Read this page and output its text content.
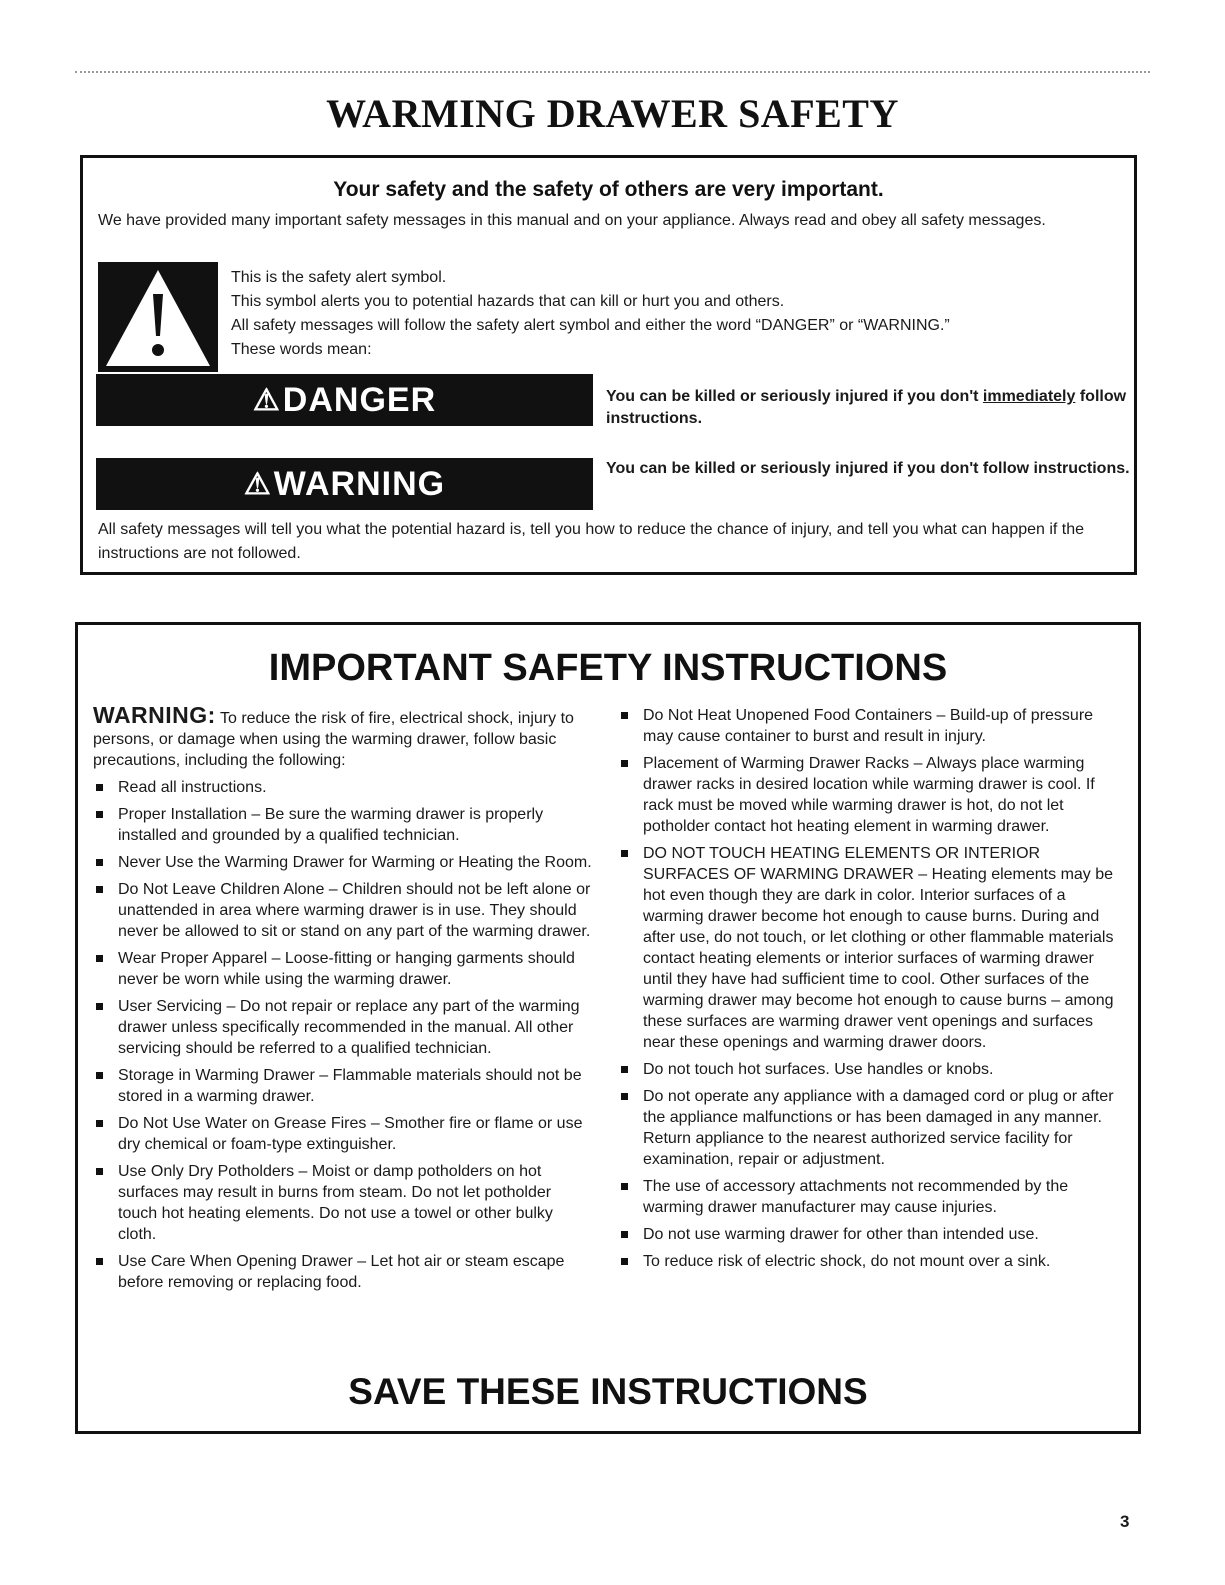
WARMING DRAWER SAFETY
Your safety and the safety of others are very important.
We have provided many important safety messages in this manual and on your appliance. Always read and obey all safety messages.
This is the safety alert symbol.
This symbol alerts you to potential hazards that can kill or hurt you and others.
All safety messages will follow the safety alert symbol and either the word “DANGER” or “WARNING.”
These words mean:
⚠ DANGER	You can be killed or seriously injured if you don't immediately follow instructions.
⚠ WARNING	You can be killed or seriously injured if you don't follow instructions.
All safety messages will tell you what the potential hazard is, tell you how to reduce the chance of injury, and tell you what can happen if the instructions are not followed.
IMPORTANT SAFETY INSTRUCTIONS
WARNING: To reduce the risk of fire, electrical shock, injury to persons, or damage when using the warming drawer, follow basic precautions, including the following:
Read all instructions.
Proper Installation – Be sure the warming drawer is properly installed and grounded by a qualified technician.
Never Use the Warming Drawer for Warming or Heating the Room.
Do Not Leave Children Alone – Children should not be left alone or unattended in area where warming drawer is in use. They should never be allowed to sit or stand on any part of the warming drawer.
Wear Proper Apparel – Loose-fitting or hanging garments should never be worn while using the warming drawer.
User Servicing – Do not repair or replace any part of the warming drawer unless specifically recommended in the manual. All other servicing should be referred to a qualified technician.
Storage in Warming Drawer – Flammable materials should not be stored in a warming drawer.
Do Not Use Water on Grease Fires – Smother fire or flame or use dry chemical or foam-type extinguisher.
Use Only Dry Potholders – Moist or damp potholders on hot surfaces may result in burns from steam. Do not let potholder touch hot heating elements. Do not use a towel or other bulky cloth.
Use Care When Opening Drawer – Let hot air or steam escape before removing or replacing food.
Do Not Heat Unopened Food Containers – Build-up of pressure may cause container to burst and result in injury.
Placement of Warming Drawer Racks – Always place warming drawer racks in desired location while warming drawer is cool. If rack must be moved while warming drawer is hot, do not let potholder contact hot heating element in warming drawer.
DO NOT TOUCH HEATING ELEMENTS OR INTERIOR SURFACES OF WARMING DRAWER – Heating elements may be hot even though they are dark in color. Interior surfaces of a warming drawer become hot enough to cause burns. During and after use, do not touch, or let clothing or other flammable materials contact heating elements or interior surfaces of warming drawer until they have had sufficient time to cool. Other surfaces of the warming drawer may become hot enough to cause burns – among these surfaces are warming drawer vent openings and surfaces near these openings and warming drawer doors.
Do not touch hot surfaces. Use handles or knobs.
Do not operate any appliance with a damaged cord or plug or after the appliance malfunctions or has been damaged in any manner. Return appliance to the nearest authorized service facility for examination, repair or adjustment.
The use of accessory attachments not recommended by the warming drawer manufacturer may cause injuries.
Do not use warming drawer for other than intended use.
To reduce risk of electric shock, do not mount over a sink.
SAVE THESE INSTRUCTIONS
3
